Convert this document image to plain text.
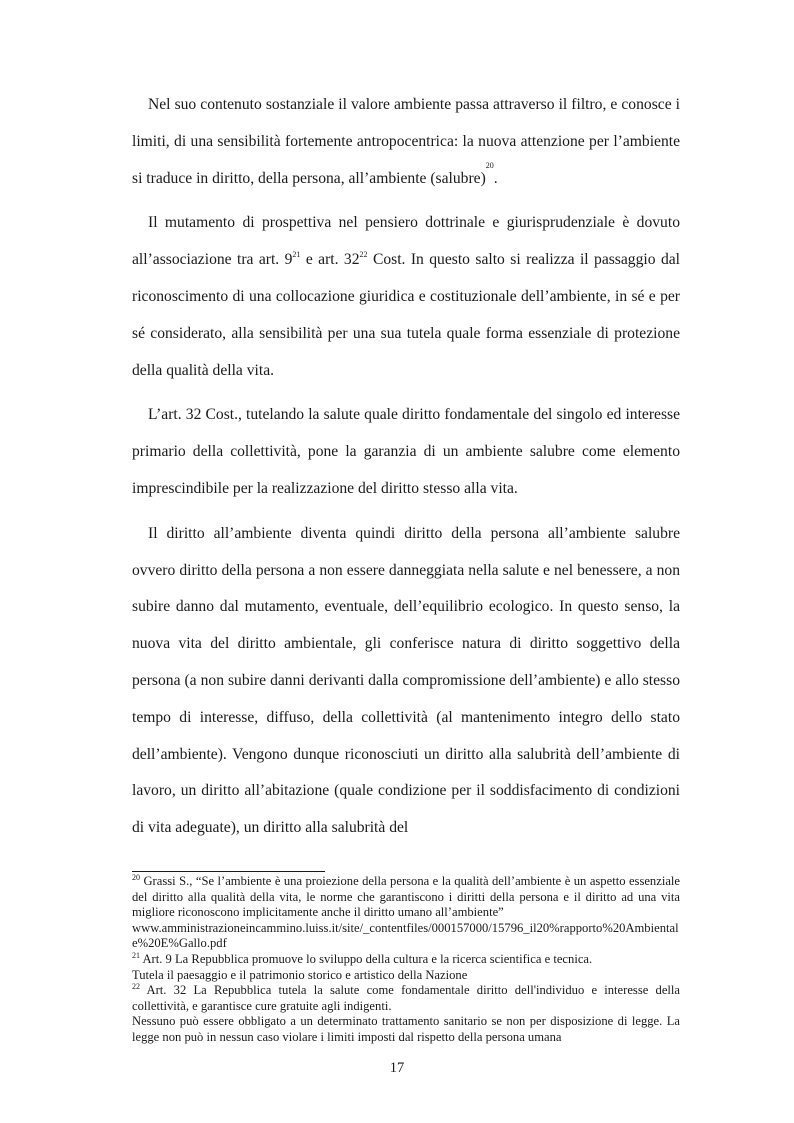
Nel suo contenuto sostanziale il valore ambiente passa attraverso il filtro, e conosce i limiti, di una sensibilità fortemente antropocentrica: la nuova attenzione per l’ambiente si traduce in diritto, della persona, all’ambiente (salubre)$^{20}$.

Il mutamento di prospettiva nel pensiero dottrinale e giurisprudenziale è dovuto all’associazione tra art. $9^{21}$ e art. $32^{22}$ Cost. In questo salto si realizza il passaggio dal riconoscimento di una collocazione giuridica e costituzionale dell’ambiente, in sé e per sé considerato, alla sensibilità per una sua tutela quale forma essenziale di protezione della qualità della vita.

L’art. 32 Cost., tutelando la salute quale diritto fondamentale del singolo ed interesse primario della collettività, pone la garanzia di un ambiente salubre come elemento imprescindibile per la realizzazione del diritto stesso alla vita.

Il diritto all’ambiente diventa quindi diritto della persona all’ambiente salubre ovvero diritto della persona a non essere danneggiata nella salute e nel benessere, a non subire danno dal mutamento, eventuale, dell’equilibrio ecologico. In questo senso, la nuova vita del diritto ambientale, gli conferisce natura di diritto soggettivo della persona (a non subire danni derivanti dalla compromissione dell’ambiente) e allo stesso tempo di interesse, diffuso, della collettività (al mantenimento integro dello stato dell’ambiente). Vengono dunque riconosciuti un diritto alla salubrità dell’ambiente di lavoro, un diritto all’abitazione (quale condizione per il soddisfacimento di condizioni di vita adeguate), un diritto alla salubrità del

$^{20}$ Grassi S., “Se l’ambiente è una proiezione della persona e la qualità dell’ambiente è un aspetto essenziale del diritto alla qualità della vita, le norme che garantiscono i diritti della persona e il diritto ad una vita migliore riconoscono implicitamente anche il diritto umano all’ambiente”
www.amministrazioneincammino.luiss.it/site/_contentfiles/000157000/15796_il20%rapporto%20Ambientale%20E%Gallo.pdf

$^{21}$ Art. 9 La Repubblica promuove lo sviluppo della cultura e la ricerca scientifica e tecnica.
Tutela il paesaggio e il patrimonio storico e artistico della Nazione

$^{22}$ Art. 32 La Repubblica tutela la salute come fondamentale diritto dell'individuo e interesse della collettività, e garantisce cure gratuite agli indigenti.
Nessuno può essere obbligato a un determinato trattamento sanitario se non per disposizione di legge. La legge non può in nessun caso violare i limiti imposti dal rispetto della persona umana

17
